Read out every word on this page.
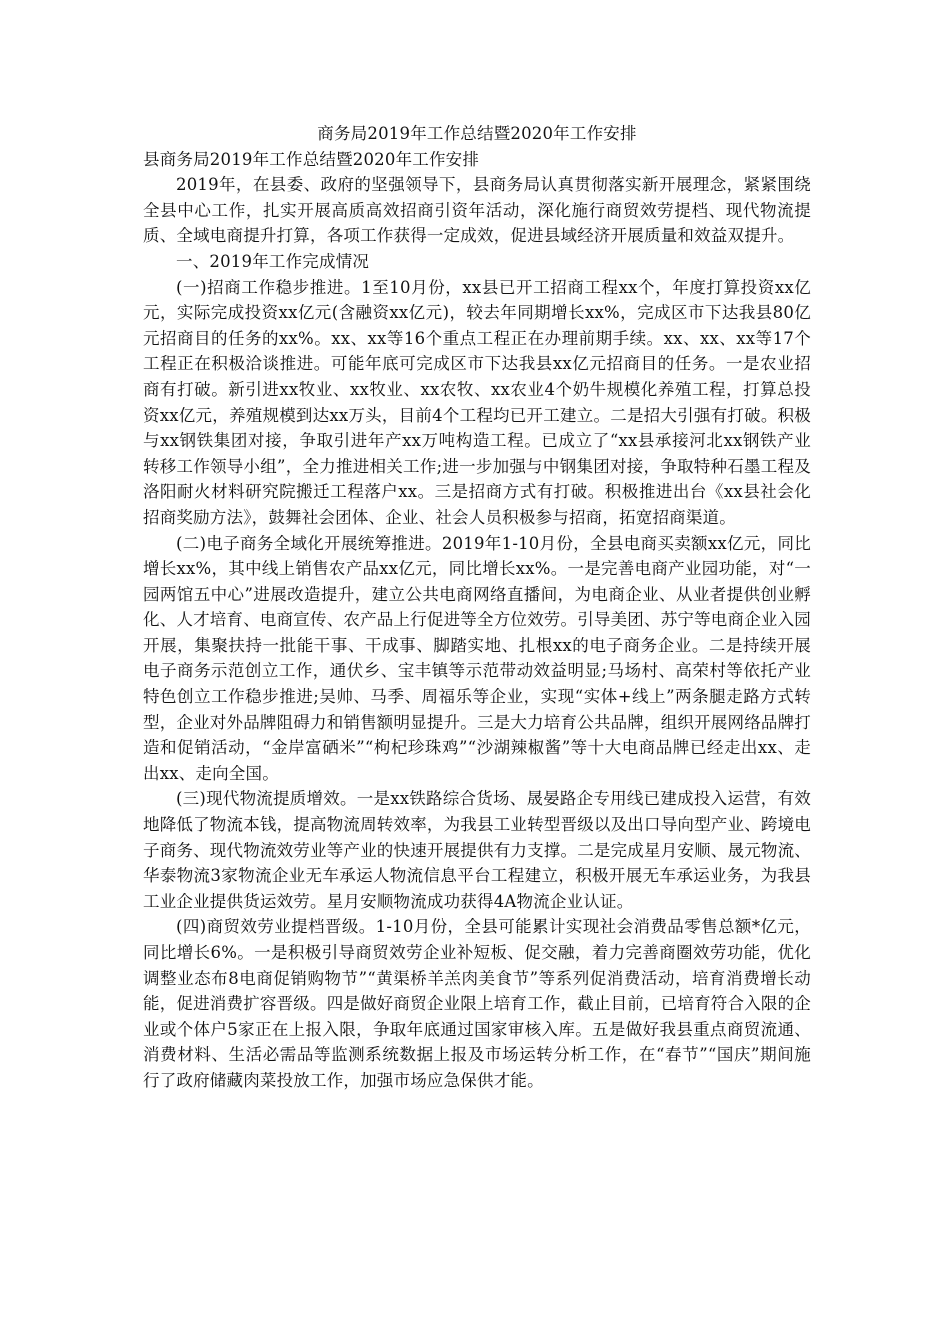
商务局2019年工作总结暨2020年工作安排

县商务局2019年工作总结暨2020年工作安排

2019年，在县委、政府的坚强领导下，县商务局认真贯彻落实新开展理念，紧紧围绕全县中心工作，扎实开展高质高效招商引资年活动，深化施行商贸效劳提档、现代物流提质、全域电商提升打算，各项工作获得一定成效，促进县域经济开展质量和效益双提升。

一、2019年工作完成情况

(一)招商工作稳步推进。1至10月份，xx县已开工招商工程xx个，年度打算投资xx亿元，实际完成投资xx亿元(含融资xx亿元)，较去年同期增长xx%，完成区市下达我县80亿元招商目的任务的xx%。xx、xx等16个重点工程正在办理前期手续。xx、xx、xx等17个工程正在积极洽谈推进。可能年底可完成区市下达我县xx亿元招商目的任务。一是农业招商有打破。新引进xx牧业、xx牧业、xx农牧、xx农业4个奶牛规模化养殖工程，打算总投资xx亿元，养殖规模到达xx万头，目前4个工程均已开工建立。二是招大引强有打破。积极与xx钢铁集团对接，争取引进年产xx万吨构造工程。已成立了“xx县承接河北xx钢铁产业转移工作领导小组”，全力推进相关工作;进一步加强与中钢集团对接，争取特种石墨工程及洛阳耐火材料研究院搬迁工程落户xx。三是招商方式有打破。积极推进出台《xx县社会化招商奖励方法》，鼓舞社会团体、企业、社会人员积极参与招商，拓宽招商渠道。

(二)电子商务全域化开展统筹推进。2019年1-10月份，全县电商买卖额xx亿元，同比增长xx%，其中线上销售农产品xx亿元，同比增长xx%。一是完善电商产业园功能，对“一园两馆五中心”进展改造提升，建立公共电商网络直播间，为电商企业、从业者提供创业孵化、人才培育、电商宣传、农产品上行促进等全方位效劳。引导美团、苏宁等电商企业入园开展，集聚扶持一批能干事、干成事、脚踏实地、扎根xx的电子商务企业。二是持续开展电子商务示范创立工作，通伏乡、宝丰镇等示范带动效益明显;马场村、高荣村等依托产业特色创立工作稳步推进;吴帅、马季、周福乐等企业，实现“实体+线上”两条腿走路方式转型，企业对外品牌阻碍力和销售额明显提升。三是大力培育公共品牌，组织开展网络品牌打造和促销活动，“金岸富硒米”“枸杞珍珠鸡”“沙湖辣椒酱”等十大电商品牌已经走出xx、走出xx、走向全国。

(三)现代物流提质增效。一是xx铁路综合货场、晟晏路企专用线已建成投入运营，有效地降低了物流本钱，提高物流周转效率，为我县工业转型晋级以及出口导向型产业、跨境电子商务、现代物流效劳业等产业的快速开展提供有力支撑。二是完成星月安顺、晟元物流、华泰物流3家物流企业无车承运人物流信息平台工程建立，积极开展无车承运业务，为我县工业企业提供货运效劳。星月安顺物流成功获得4A物流企业认证。

(四)商贸效劳业提档晋级。1-10月份，全县可能累计实现社会消费品零售总额*亿元，同比增长6%。一是积极引导商贸效劳企业补短板、促交融，着力完善商圈效劳功能，优化调整业态布8电商促销购物节”“黄渠桥羊羔肉美食节”等系列促消费活动，培育消费增长动能，促进消费扩容晋级。四是做好商贸企业限上培育工作，截止目前，已培育符合入限的企业或个体户5家正在上报入限，争取年底通过国家审核入库。五是做好我县重点商贸流通、消费材料、生活必需品等监测系统数据上报及市场运转分析工作，在“春节”“国庆”期间施行了政府储藏肉菜投放工作，加强市场应急保供才能。
